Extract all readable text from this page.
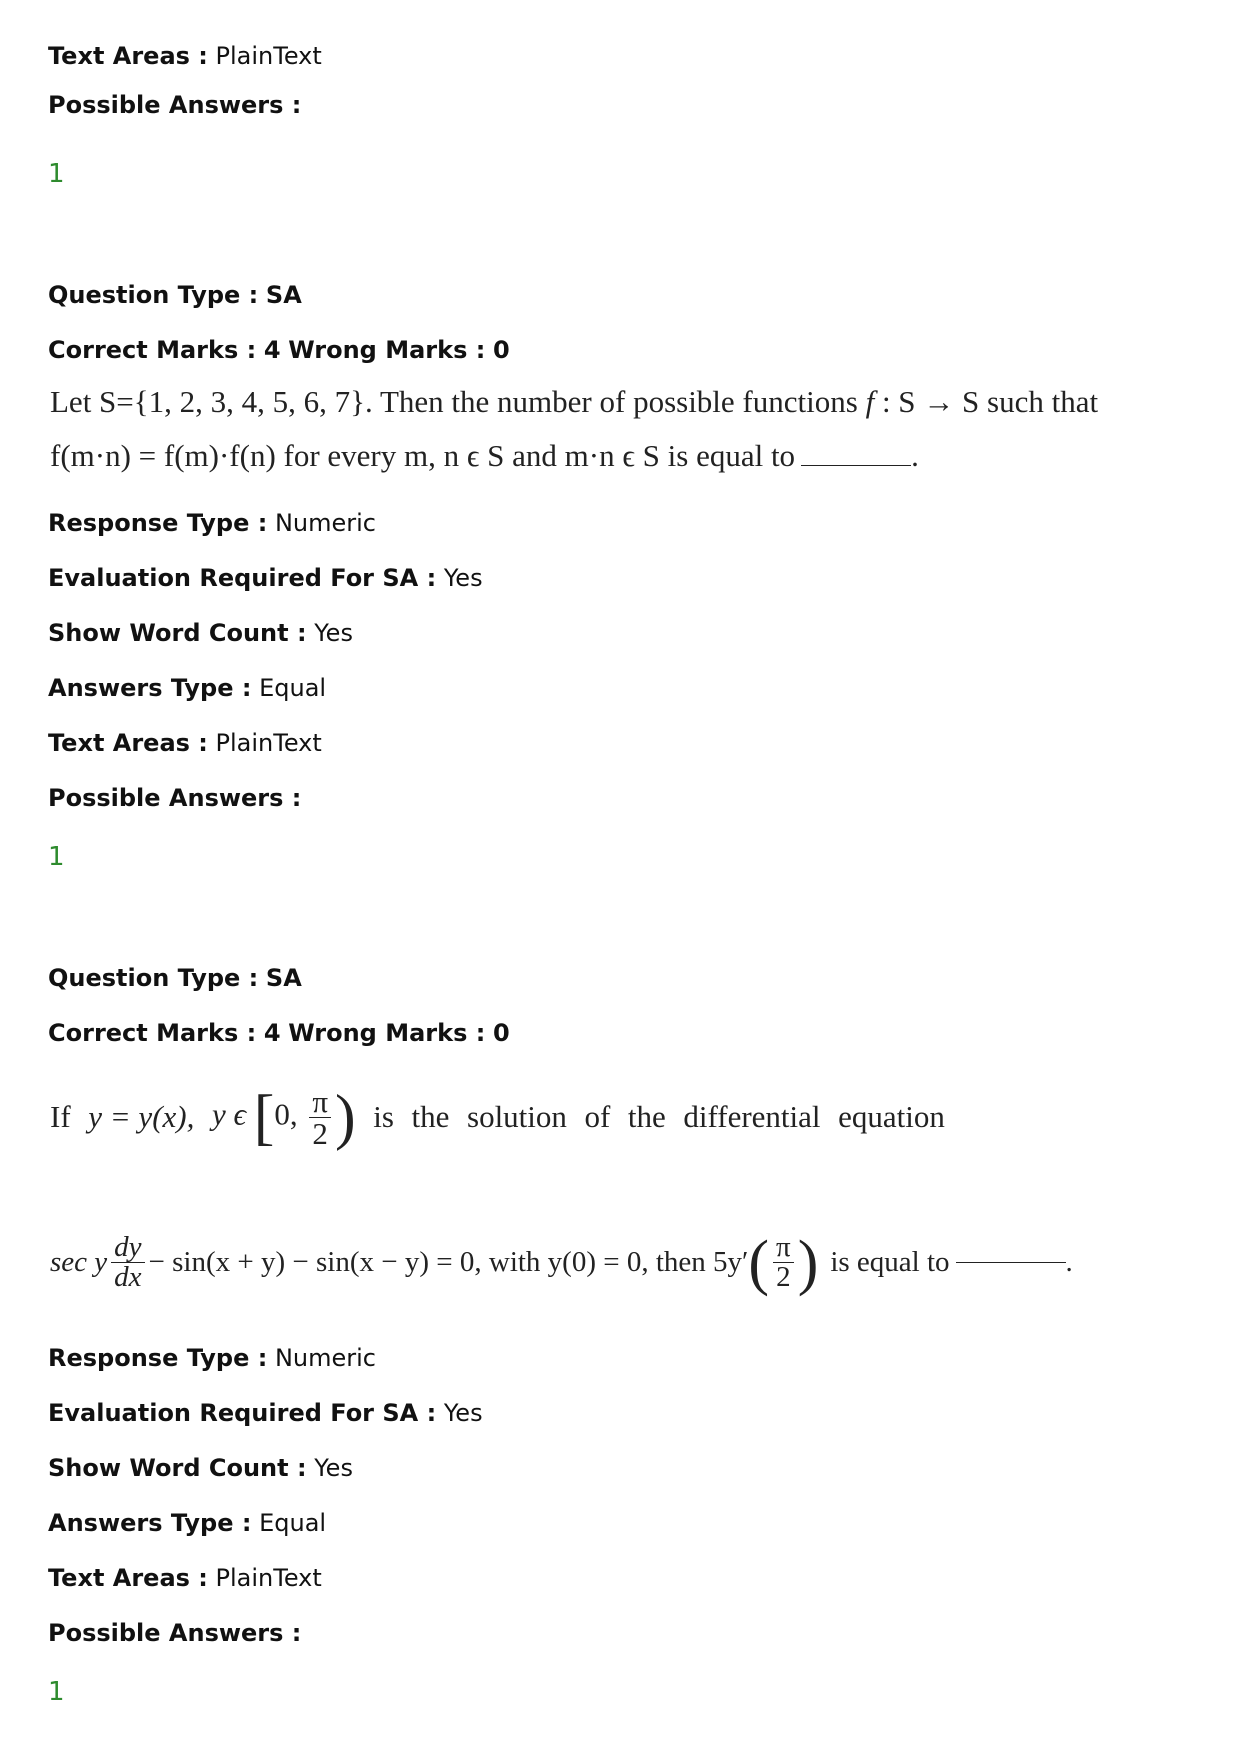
Text Areas : PlainText
Possible Answers :
1
Question Type : SA
Correct Marks : 4 Wrong Marks : 0
Let S={1, 2, 3, 4, 5, 6, 7}. Then the number of possible functions f : S → S such that
f(m·n) = f(m)·f(n) for every m, n ϵ S and m·n ϵ S is equal to	.
Response Type : Numeric
Evaluation Required For SA : Yes
Show Word Count : Yes
Answers Type : Equal
Text Areas : PlainText
Possible Answers :
1
Question Type : SA
Correct Marks : 4 Wrong Marks : 0
If y = y(x), y ϵ [0, $\frac{\pi}{2}$ ) is the solution of the differential equation
sec y $\frac{dy}{dx} - \sin(x + y) - \sin(x - y) = 0$, with y(0) = 0, then 5y′ ( $\frac{\pi}{2}$ ) is equal to	.
Response Type : Numeric
Evaluation Required For SA : Yes
Show Word Count : Yes
Answers Type : Equal
Text Areas : PlainText
Possible Answers :
1
